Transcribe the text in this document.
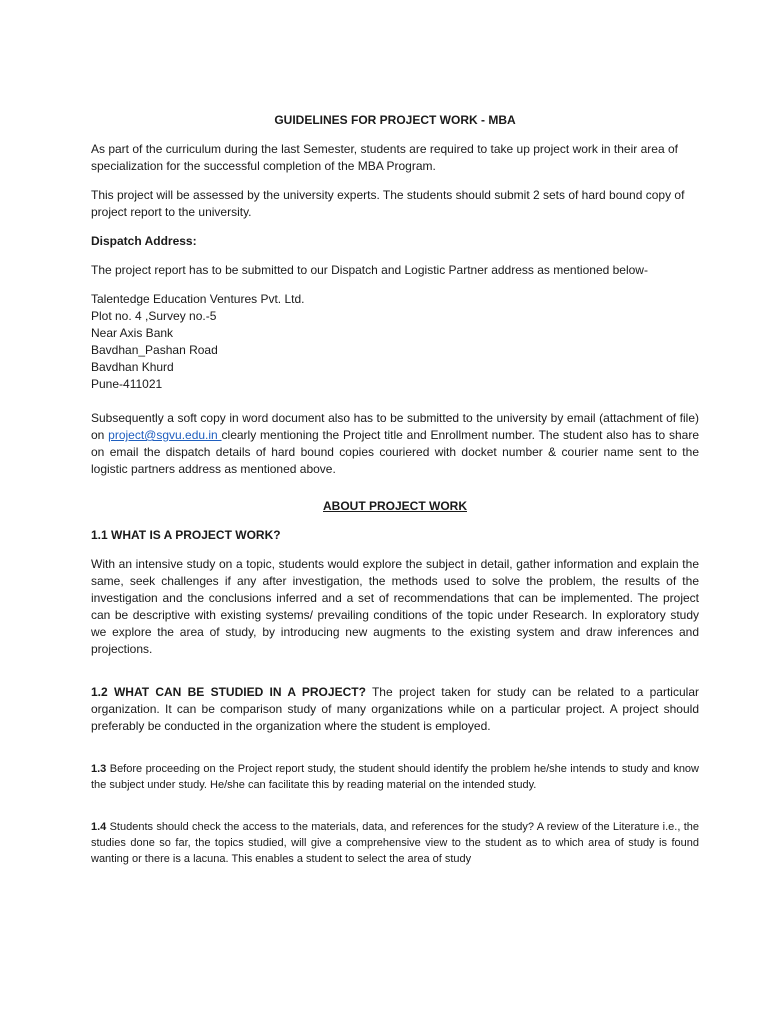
GUIDELINES FOR PROJECT WORK - MBA

As part of the curriculum during the last Semester, students are required to take up project work in their area of specialization for the successful completion of the MBA Program.

This project will be assessed by the university experts. The students should submit 2 sets of hard bound copy of project report to the university.

Dispatch Address:

The project report has to be submitted to our Dispatch and Logistic Partner address as mentioned below-

Talentedge Education Ventures Pvt. Ltd.
Plot no. 4 ,Survey no.-5
Near Axis Bank
Bavdhan_Pashan Road
Bavdhan Khurd
Pune-411021

Subsequently a soft copy in word document also has to be submitted to the university by email (attachment of file) on project@sgvu.edu.in clearly mentioning the Project title and Enrollment number. The student also has to share on email the dispatch details of hard bound copies couriered with docket number & courier name sent to the logistic partners address as mentioned above.

ABOUT PROJECT WORK

1.1 WHAT IS A PROJECT WORK?

With an intensive study on a topic, students would explore the subject in detail, gather information and explain the same, seek challenges if any after investigation, the methods used to solve the problem, the results of the investigation and the conclusions inferred and a set of recommendations that can be implemented. The project can be descriptive with existing systems/ prevailing conditions of the topic under Research. In exploratory study we explore the area of study, by introducing new augments to the existing system and draw inferences and projections.

1.2 WHAT CAN BE STUDIED IN A PROJECT? The project taken for study can be related to a particular organization. It can be comparison study of many organizations while on a particular project. A project should preferably be conducted in the organization where the student is employed.

1.3 Before proceeding on the Project report study, the student should identify the problem he/she intends to study and know the subject under study. He/she can facilitate this by reading material on the intended study.

1.4 Students should check the access to the materials, data, and references for the study? A review of the Literature i.e., the studies done so far, the topics studied, will give a comprehensive view to the student as to which area of study is found wanting or there is a lacuna. This enables a student to select the area of study
